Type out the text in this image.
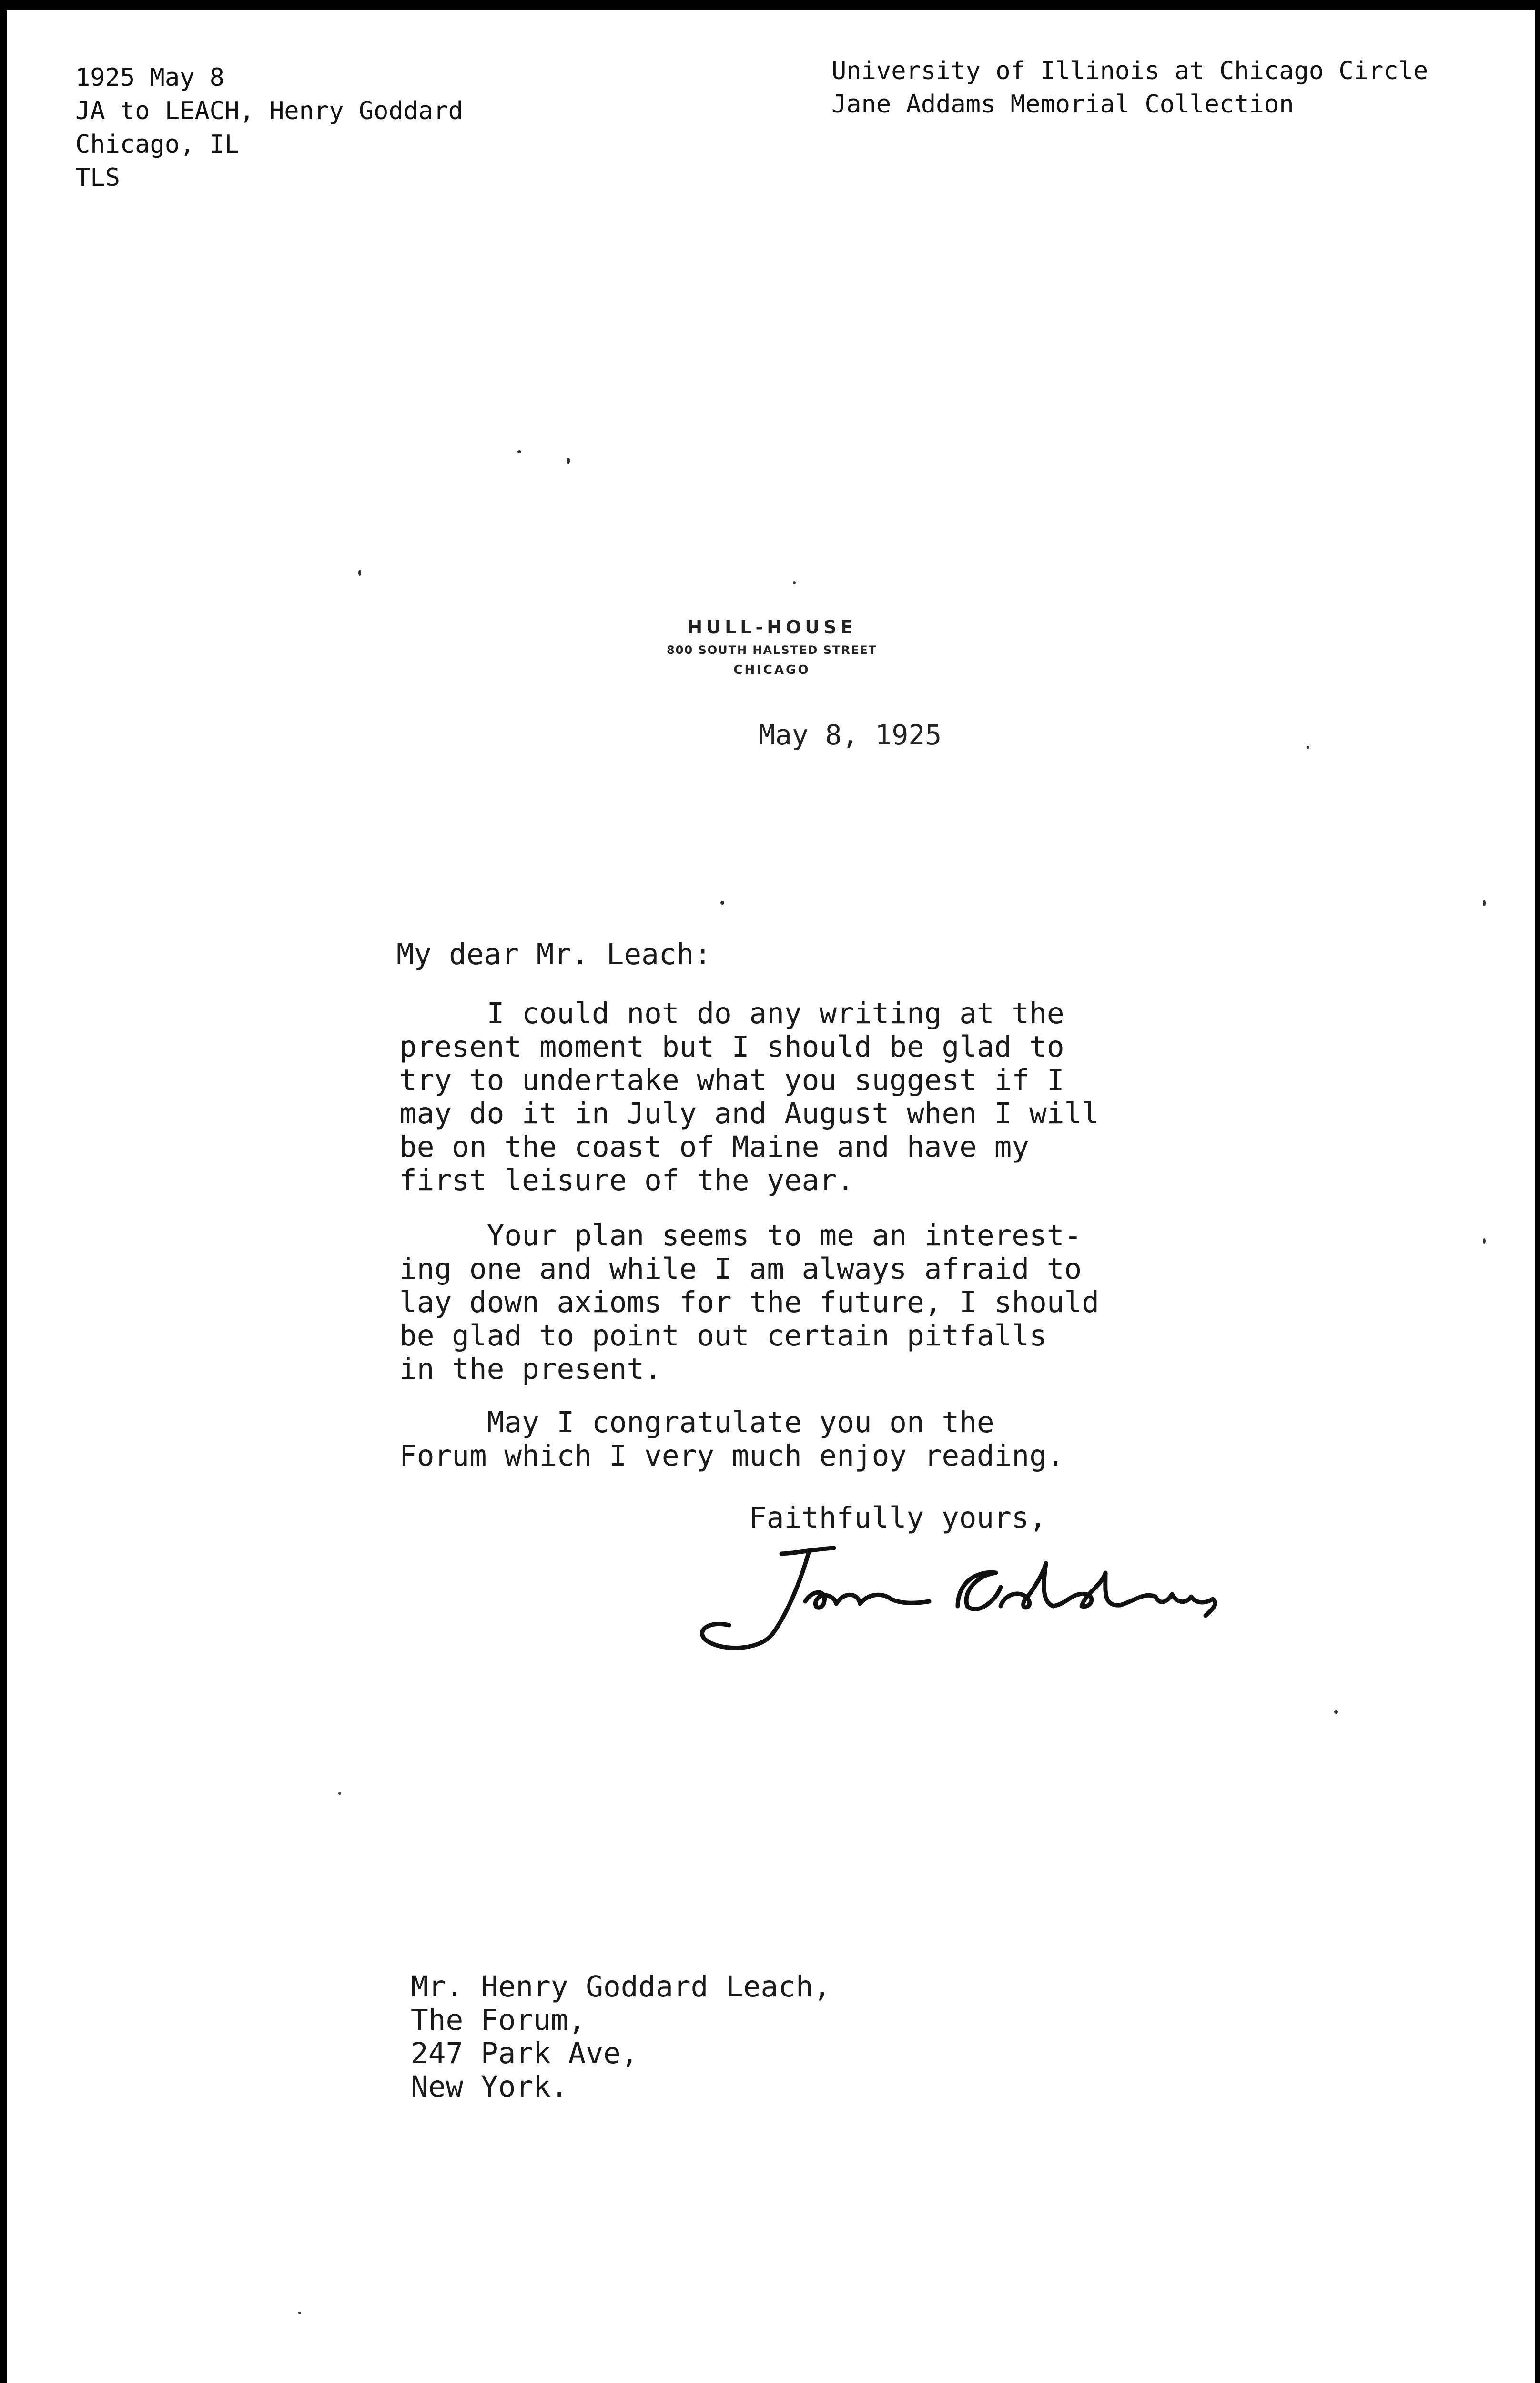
1925 May 8
JA to LEACH, Henry Goddard
Chicago, IL
TLS
University of Illinois at Chicago Circle
Jane Addams Memorial Collection
HULL-HOUSE
800 SOUTH HALSTED STREET
CHICAGO
May 8, 1925
My dear Mr. Leach:
I could not do any writing at the
present moment but I should be glad to
try to undertake what you suggest if I
may do it in July and August when I will
be on the coast of Maine and have my
first leisure of the year.
Your plan seems to me an interest-
ing one and while I am always afraid to
lay down axioms for the future, I should
be glad to point out certain pitfalls
in the present.
May I congratulate you on the
Forum which I very much enjoy reading.
Faithfully yours,
Mr. Henry Goddard Leach,
The Forum,
247 Park Ave,
New York.
